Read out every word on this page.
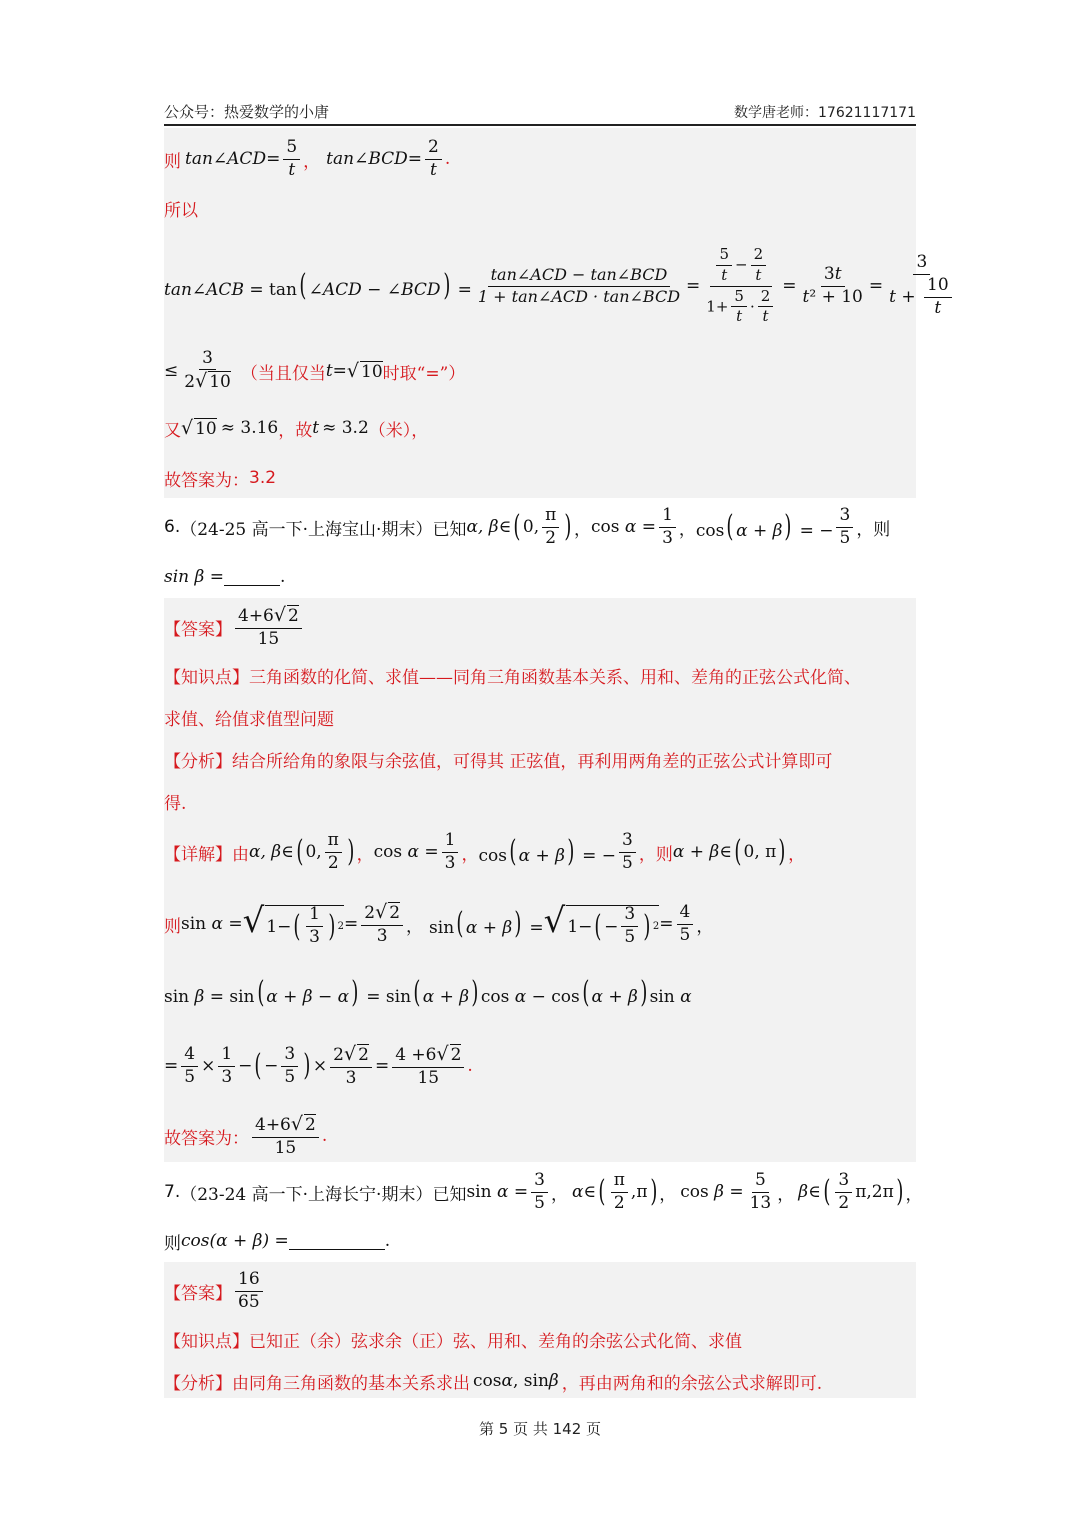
公众号：热爱数学的小唐	数学唐老师：17621117171
则 tan∠ACD = $\frac{5}{t}$ ， tan∠BCD = $\frac{2}{t}$ .
所以
tan∠ACB = tan( ∠ACD − ∠BCD) = $\frac{\text{tan∠ACD − tan∠BCD}}{\text{1 + tan∠ACD · tan∠BCD}} = \frac{\frac{5}{t} - \frac{2}{t}}{1+ \frac{5}{t} \cdot \frac{2}{t}} = \frac{3t}{\text{t² + 10}} = \frac{3}{t + \frac{10}{t}}$
≤ $\frac{3}{2√ 10}$ （当且仅当 t = √ 10 时取“=”）
又 √ 10 ≈ 3.16 ，故 t ≈ 3.2 （米），
故答案为： 3.2
6. （24-25 高一下·上海宝山·期末）已知 α, β ∈ ( 0, $\frac{\pi}{2}$ ) ， $\cos \alpha = \frac{1}{3}$ ， cos( α + β) = − $\frac{3}{5}$ ，则
sin β =	.
【答案】 $\frac{4+6√ 2}{15}$
【知识点】 三角函数的化简、求值——同角三角函数基本关系、用和、差角的正弦公式化简、
求值、给值求值型问题
【分析】 结合所给角的象限与余弦值，可得其 正弦值，再利用两角差的正弦公式计算即可
得.
【详解】 由 α, β ∈ ( 0, $\frac{\pi}{2}$ ) ， $\cos \alpha = \frac{1}{3}$ ， cos( α + β) = − $\frac{3}{5}$ ，则 α + β ∈ ( 0, π ) ，
则 sin α = √ 1− ( $\frac{1}{3}$ ) $2 = \frac{2√ 2}{3}$ ， sin( α + β) = √ 1− ( − $\frac{3}{5}$ ) $2 = \frac{4}{5}$ ，
sin β = sin( α + β − α) = sin( α + β) cos α − cos( α + β) sin α
= $\frac{4}{5} \times \frac{1}{3}$ − ( − $\frac{3}{5}$ ) × $\frac{2√ 2}{3} = \frac{4 +6√ 2}{15}$ .
故答案为： $\frac{4+6√ 2}{15}$ .
7. （23-24 高一下·上海长宁·期末）已知 $\sin \alpha = \frac{3}{5}$ ， α ∈ ( $\frac{\pi}{2} ,\pi$ ) ， $\cos \beta = \frac{5}{13}$ ， β ∈ ( $\frac{3}{2} \pi,2\pi$ ) ，
则 cos(α + β) =	.
【答案】 $\frac{16}{65}$
【知识点】 已知正（余）弦求余（正）弦、用和、差角的余弦公式化简、求值
【分析】 由同角三角函数的基本关系求出 cosα, sinβ ，再由两角和的余弦公式求解即可.
第 5 页 共 142 页
